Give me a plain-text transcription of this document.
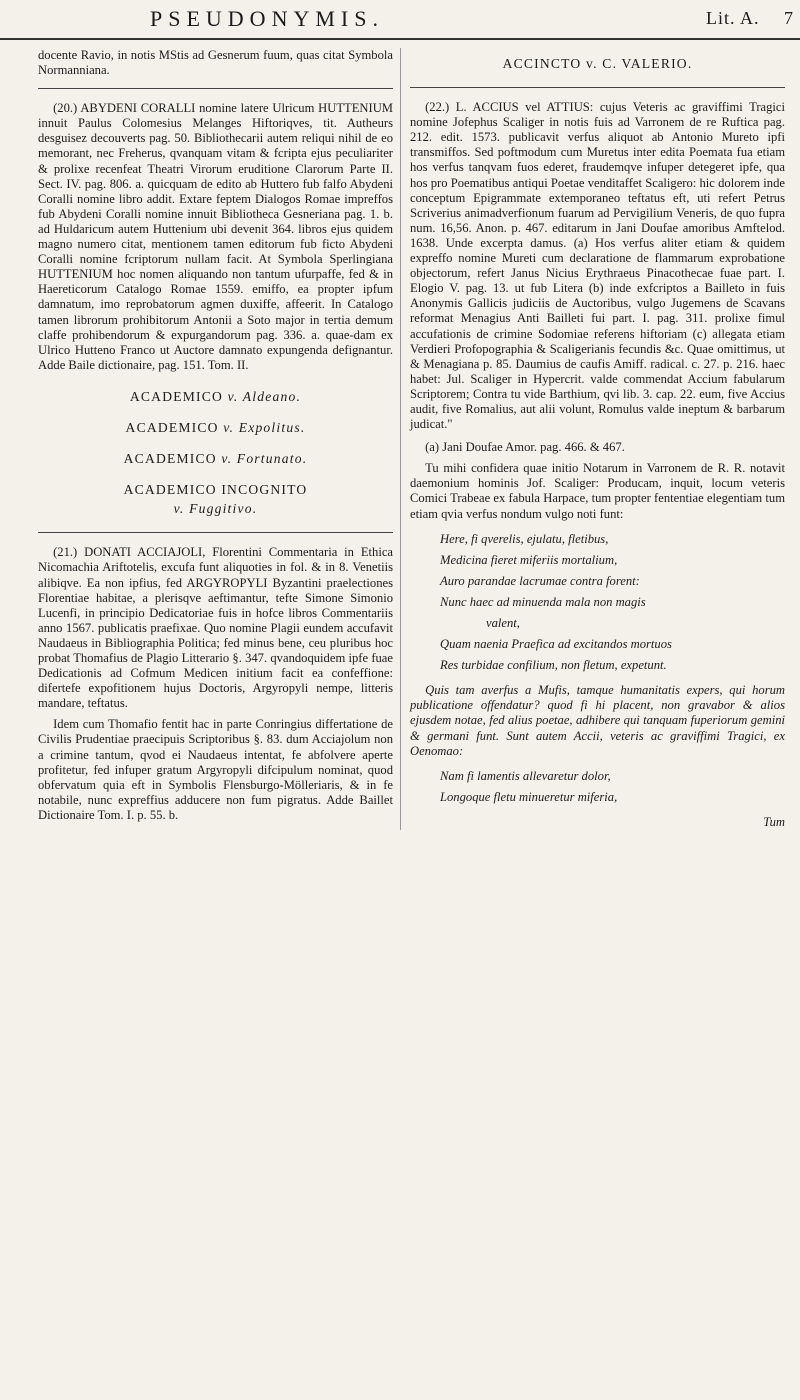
PSEUDONYMIS.	Lit. A. 7

docente Ravio, in notis MStis ad Gesnerum fuum, quas citat Symbola Normanniana.

(20.) ABYDENI CORALLI nomine latere Ulricum HUTTENIUM innuit Paulus Colomesius Melanges Hiftoriqves, tit. Autheurs desguisez decouverts pag. 50. Bibliothecarii autem reliqui nihil de eo memorant, nec Freherus, qvanquam vitam & fcripta ejus peculiariter & prolixe recenfeat Theatri Virorum eruditione Clarorum Parte II. Sect. IV. pag. 806. a. quicquam de edito ab Huttero fub falfo Abydeni Coralli nomine libro addit. Extare feptem Dialogos Romae impreffos fub Abydeni Coralli nomine innuit Bibliotheca Gesneriana pag. 1. b. ad Huldaricum autem Huttenium ubi devenit 364. libros ejus quidem magno numero citat, mentionem tamen editorum fub ficto Abydeni Coralli nomine fcriptorum nullam facit. At Symbola Sperlingiana HUTTENIUM hoc nomen aliquando non tantum ufurpaffe, fed & in Haereticorum Catalogo Romae 1559. emiffo, ea propter ipfum damnatum, imo reprobatorum agmen duxiffe, affeerit. In Catalogo tamen librorum prohibitorum Antonii a Soto major in tertia demum claffe prohibendorum & expurgandorum pag. 336. a. quae-dam ex Ulrico Hutteno Franco ut Auctore damnato expungenda defignantur. Adde Baile dictionaire, pag. 151. Tom. II.

ACADEMICO v. Aldeano.
ACADEMICO v. Expolitus.
ACADEMICO v. Fortunato.
ACADEMICO INCOGNITO
v. Fuggitivo.

(21.) DONATI ACCIAJOLI, Florentini Commentaria in Ethica Nicomachia Ariftotelis, excufa funt aliquoties in fol. & in 8. Venetiis alibiqve. Ea non ipfius, fed ARGYROPYLI Byzantini praelectiones Florentiae habitae, a plerisqve aeftimantur, tefte Simone Simonio Lucenfi, in principio Dedicatoriae fuis in hofce libros Commentariis anno 1567. publicatis praefixae. Quo nomine Plagii eundem accufavit Naudaeus in Bibliographia Politica; fed minus bene, ceu pluribus hoc probat Thomafius de Plagio Litterario §. 347. qvandoquidem ipfe fuae Dedicationis ad Cofmum Medicen initium facit ea confeffione: difertefe expofitionem hujus Doctoris, Argyropyli nempe, litteris mandare, teftatus.

Idem cum Thomafio fentit hac in parte Conringius differtatione de Civilis Prudentiae praecipuis Scriptoribus §. 83. dum Acciajolum non a crimine tantum, qvod ei Naudaeus intentat, fe abfolvere aperte profitetur, fed infuper gratum Argyropyli difcipulum nominat, quod obfervatum quia eft in Symbolis Flensburgo-Mölleriaris, & in fe notabile, nunc expreffius adducere non fum pigratus. Adde Baillet Dictionaire Tom. I. p. 55. b.

ACCINCTO v. C. VALERIO.

(22.) L. ACCIUS vel ATTIUS: cujus Veteris ac graviffimi Tragici nomine Jofephus Scaliger in notis fuis ad Varronem de re Ruftica pag. 212. edit. 1573. publicavit verfus aliquot ab Antonio Mureto ipfi transmiffos. Sed poftmodum cum Muretus inter edita Poemata fua etiam hos verfus tanqvam fuos ederet, fraudemqve infuper detegeret ipfe, qua hos pro Poematibus antiqui Poetae venditaffet Scaligero: hic dolorem inde conceptum Epigrammate extemporaneo teftatus eft, uti refert Petrus Scriverius animadverfionum fuarum ad Pervigilium Veneris, de quo fupra num. 16,56. Anon. p. 467. editarum in Jani Doufae amoribus Amftelod. 1638. Unde excerpta damus. (a) Hos verfus aliter etiam & quidem expreffo nomine Mureti cum declaratione de flammarum exprobatione objectorum, refert Janus Nicius Erythraeus Pinacothecae fuae part. I. Elogio V. pag. 13. ut fub Litera (b) inde exfcriptos a Bailleto in fuis Anonymis Gallicis judiciis de Auctoribus, vulgo Jugemens de Scavans reformat Menagius Anti Bailleti fui part. I. pag. 311. prolixe fimul accufationis de crimine Sodomiae referens hiftoriam (c) allegata etiam Verdieri Profopographia & Scaligerianis fecundis &c. Quae omittimus, ut & Menagiana p. 85. Daumius de caufis Amiff. radical. c. 27. p. 216. haec habet: Jul. Scaliger in Hypercrit. valde commendat Accium fabularum Scriptorem; Contra tu vide Barthium, qvi lib. 3. cap. 22. eum, five Accius audit, five Romalius, aut alii volunt, Romulus valde ineptum & barbarum judicat."

(a) Jani Doufae Amor. pag. 466. & 467.

Tu mihi confidera quae initio Notarum in Varronem de R. R. notavit daemonium hominis Jof. Scaliger: Producam, inquit, locum veteris Comici Trabeae ex fabula Harpace, tum propter fententiae elegentiam tum etiam qvia verfus nondum vulgo noti funt:

Here, fi qverelis, ejulatu, fletibus,
Medicina fieret miferiis mortalium,
Auro parandae lacrumae contra forent:
Nunc haec ad minuenda mala non magis
valent,
Quam naenia Praefica ad excitandos mortuos
Res turbidae confilium, non fletum, expetunt.

Quis tam averfus a Mufis, tamque humanitatis expers, qui horum publicatione offendatur? quod fi hi placent, non gravabor & alios ejusdem notae, fed alius poetae, adhibere qui tanquam fuperiorum gemini & germani funt. Sunt autem Accii, veteris ac graviffimi Tragici, ex Oenomao:

Nam fi lamentis allevaretur dolor,
Longoque fletu minueretur miferia,
Tum
